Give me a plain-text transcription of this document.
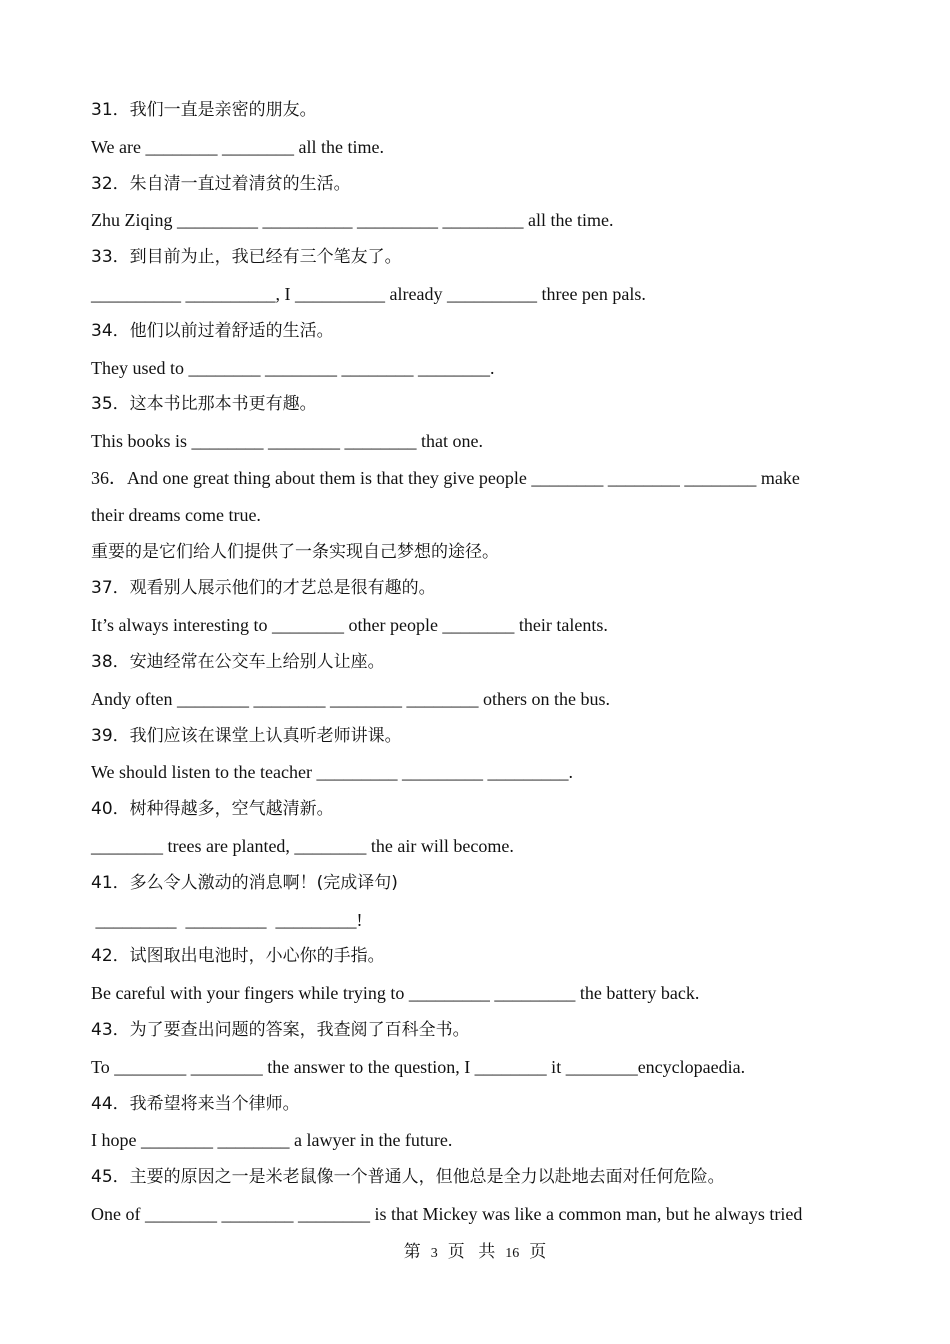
31．我们一直是亲密的朋友。
We are ________ ________ all the time.
32．朱自清一直过着清贫的生活。
Zhu Ziqing _________ __________ _________ _________ all the time.
33．到目前为止，我已经有三个笔友了。
__________ __________, I __________ already __________ three pen pals.
34．他们以前过着舒适的生活。
They used to ________ ________ ________ ________.
35．这本书比那本书更有趣。
This books is ________ ________ ________ that one.
36．And one great thing about them is that they give people ________ ________ ________ make
their dreams come true.
重要的是它们给人们提供了一条实现自己梦想的途径。
37．观看别人展示他们的才艺总是很有趣的。
It’s always interesting to ________ other people ________ their talents.
38．安迪经常在公交车上给别人让座。
Andy often ________ ________ ________ ________ others on the bus.
39．我们应该在课堂上认真听老师讲课。
We should listen to the teacher _________ _________ _________.
40．树种得越多，空气越清新。
________ trees are planted, ________ the air will become.
41．多么令人激动的消息啊！(完成译句)
_________  _________  _________!
42．试图取出电池时，小心你的手指。
Be careful with your fingers while trying to _________ _________ the battery back.
43．为了要查出问题的答案，我查阅了百科全书。
To ________ ________ the answer to the question, I ________ it ________encyclopaedia.
44．我希望将来当个律师。
I hope ________ ________ a lawyer in the future.
45．主要的原因之一是米老鼠像一个普通人，但他总是全力以赴地去面对任何危险。
One of ________ ________ ________ is that Mickey was like a common man, but he always tried
第 3 页 共 16 页
